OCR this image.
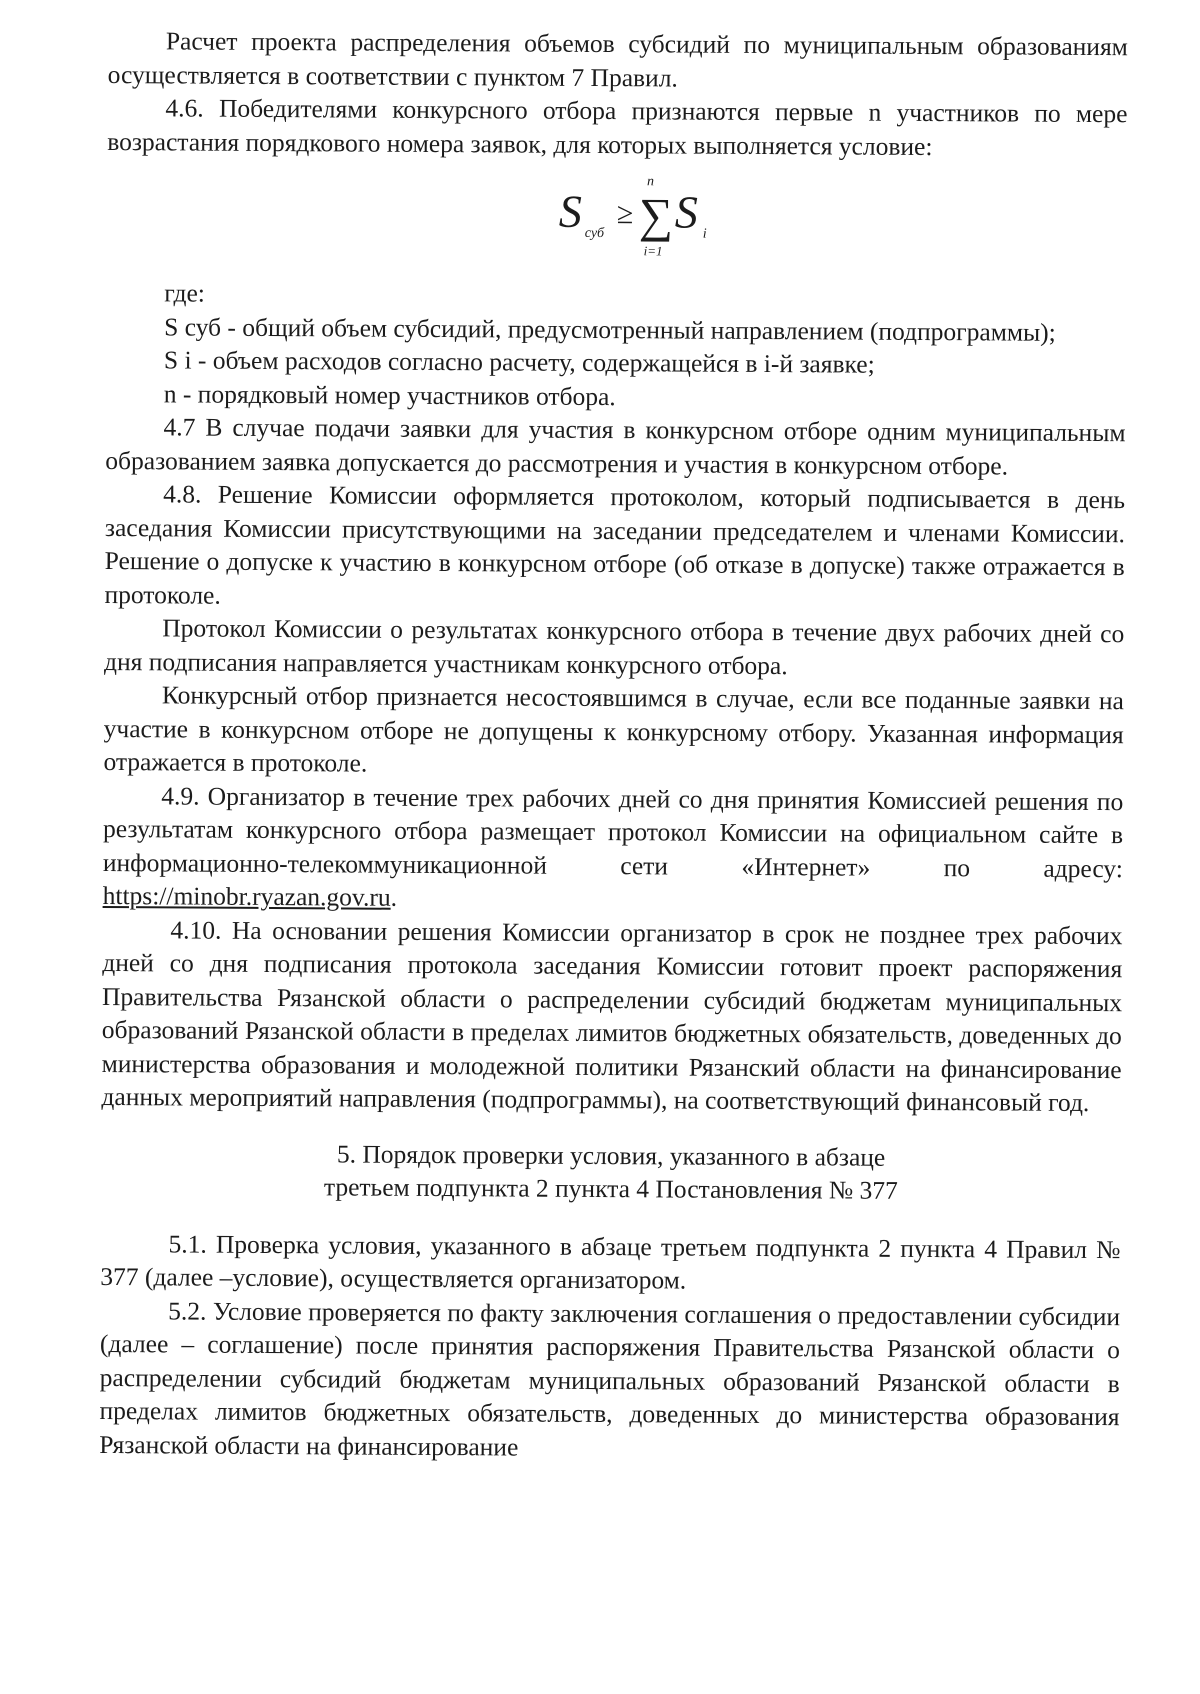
Расчет проекта распределения объемов субсидий по муниципальным образованиям осуществляется в соответствии с пунктом 7 Правил.

4.6. Победителями конкурсного отбора признаются первые n участников по мере возрастания порядкового номера заявок, для которых выполняется условие:

S суб
≥
n
∑
i=1
S i

где:

S суб - общий объем субсидий, предусмотренный направлением (подпрограммы);

S i - объем расходов согласно расчету, содержащейся в i-й заявке;

n - порядковый номер участников отбора.

4.7 В случае подачи заявки для участия в конкурсном отборе одним муниципальным образованием заявка допускается до рассмотрения и участия в конкурсном отборе.

4.8. Решение Комиссии оформляется протоколом, который подписывается в день заседания Комиссии присутствующими на заседании председателем и членами Комиссии. Решение о допуске к участию в конкурсном отборе (об отказе в допуске) также отражается в протоколе.

Протокол Комиссии о результатах конкурсного отбора в течение двух рабочих дней со дня подписания направляется участникам конкурсного отбора.

Конкурсный отбор признается несостоявшимся в случае, если все поданные заявки на участие в конкурсном отборе не допущены к конкурсному отбору. Указанная информация отражается в протоколе.

4.9. Организатор в течение трех рабочих дней со дня принятия Комиссией решения по результатам конкурсного отбора размещает протокол Комиссии на официальном сайте в информационно-телекоммуникационной сети «Интернет» по адресу: https://minobr.ryazan.gov.ru.

4.10. На основании решения Комиссии организатор в срок не позднее трех рабочих дней со дня подписания протокола заседания Комиссии готовит проект распоряжения Правительства Рязанской области о распределении субсидий бюджетам муниципальных образований Рязанской области в пределах лимитов бюджетных обязательств, доведенных до министерства образования и молодежной политики Рязанский области на финансирование данных мероприятий направления (подпрограммы), на соответствующий финансовый год.

5. Порядок проверки условия, указанного в абзаце
третьем подпункта 2 пункта 4 Постановления № 377

5.1. Проверка условия, указанного в абзаце третьем подпункта 2 пункта 4 Правил № 377 (далее –условие), осуществляется организатором.

5.2. Условие проверяется по факту заключения соглашения о предоставлении субсидии (далее – соглашение) после принятия распоряжения Правительства Рязанской области о распределении субсидий бюджетам муниципальных образований Рязанской области в пределах лимитов бюджетных обязательств, доведенных до министерства образования Рязанской области на финансирование
